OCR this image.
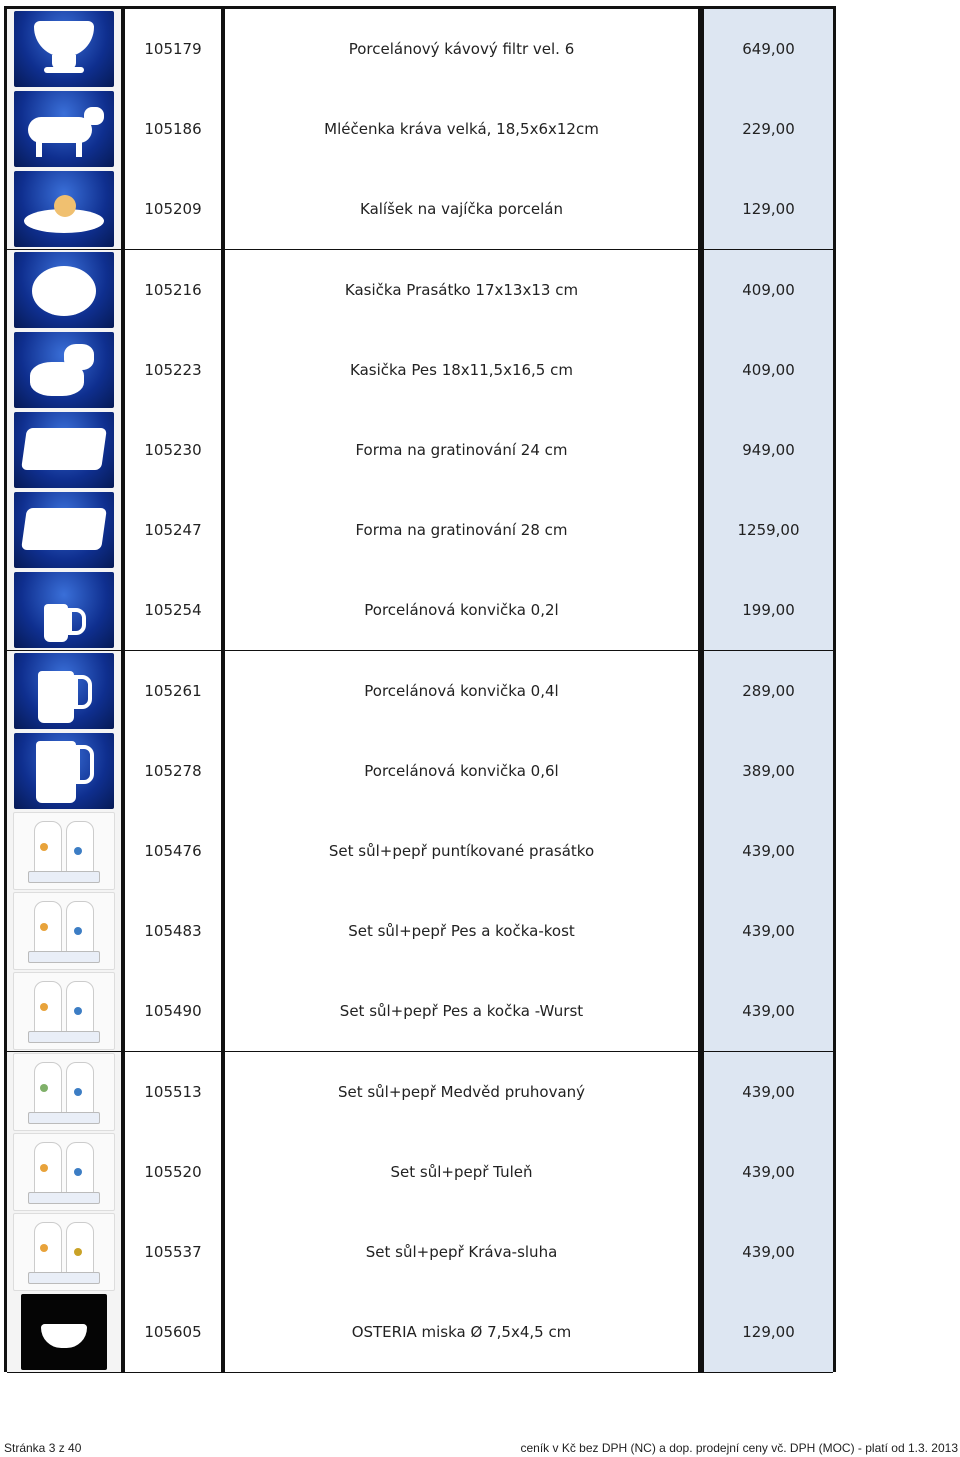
105179	Porcelánový kávový filtr vel. 6	649,00
105186	Mléčenka kráva velká, 18,5x6x12cm	229,00
105209	Kalíšek na vajíčka porcelán	129,00
105216	Kasička Prasátko 17x13x13 cm	409,00
105223	Kasička Pes 18x11,5x16,5 cm	409,00
105230	Forma na gratinování 24 cm	949,00
105247	Forma na gratinování 28 cm	1259,00
105254	Porcelánová konvička 0,2l	199,00
105261	Porcelánová konvička 0,4l	289,00
105278	Porcelánová konvička 0,6l	389,00
105476	Set sůl+pepř puntíkované prasátko	439,00
105483	Set sůl+pepř Pes a kočka-kost	439,00
105490	Set sůl+pepř Pes a kočka -Wurst	439,00
105513	Set sůl+pepř Medvěd pruhovaný	439,00
105520	Set sůl+pepř Tuleň	439,00
105537	Set sůl+pepř Kráva-sluha	439,00
105605	OSTERIA miska Ø 7,5x4,5 cm	129,00
Stránka 3 z 40	ceník v Kč bez DPH (NC) a dop. prodejní ceny vč. DPH (MOC) - platí od 1.3. 2013
